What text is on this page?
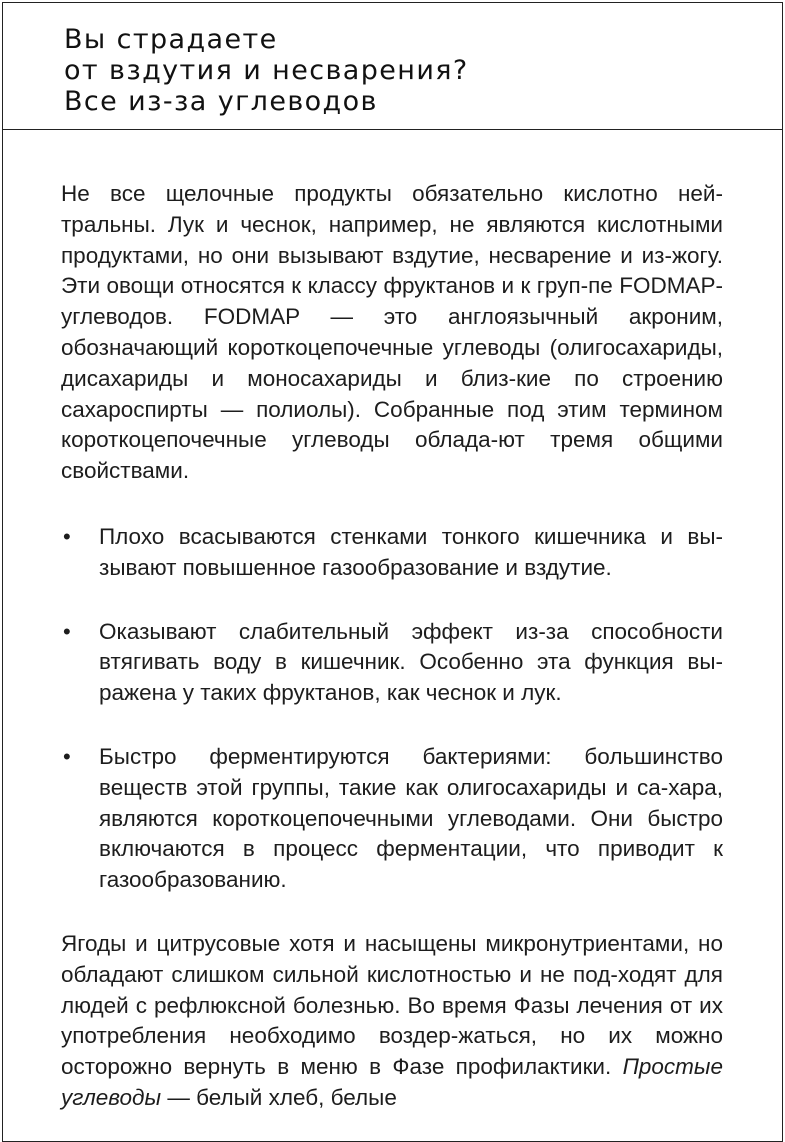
Вы страдаете
от вздутия и несварения?
Все из-за углеводов

Не все щелочные продукты обязательно кислотно ней-тральны. Лук и чеснок, например, не являются кислотными продуктами, но они вызывают вздутие, несварение и из-жогу. Эти овощи относятся к классу фруктанов и к груп-пе FODMAP-углеводов. FODMAP — это англоязычный акроним, обозначающий короткоцепочечные углеводы (олигосахариды, дисахариды и моносахариды и близ-кие по строению сахароспирты — полиолы). Собранные под этим термином короткоцепочечные углеводы облада-ют тремя общими свойствами.

• Плохо всасываются стенками тонкого кишечника и вы-зывают повышенное газообразование и вздутие.
• Оказывают слабительный эффект из-за способности втягивать воду в кишечник. Особенно эта функция вы-ражена у таких фруктанов, как чеснок и лук.
• Быстро ферментируются бактериями: большинство веществ этой группы, такие как олигосахариды и са-хара, являются короткоцепочечными углеводами. Они быстро включаются в процесс ферментации, что приводит к газообразованию.

Ягоды и цитрусовые хотя и насыщены микронутриентами, но обладают слишком сильной кислотностью и не под-ходят для людей с рефлюксной болезнью. Во время Фазы лечения от их употребления необходимо воздер-жаться, но их можно осторожно вернуть в меню в Фазе профилактики. Простые углеводы — белый хлеб, белые
